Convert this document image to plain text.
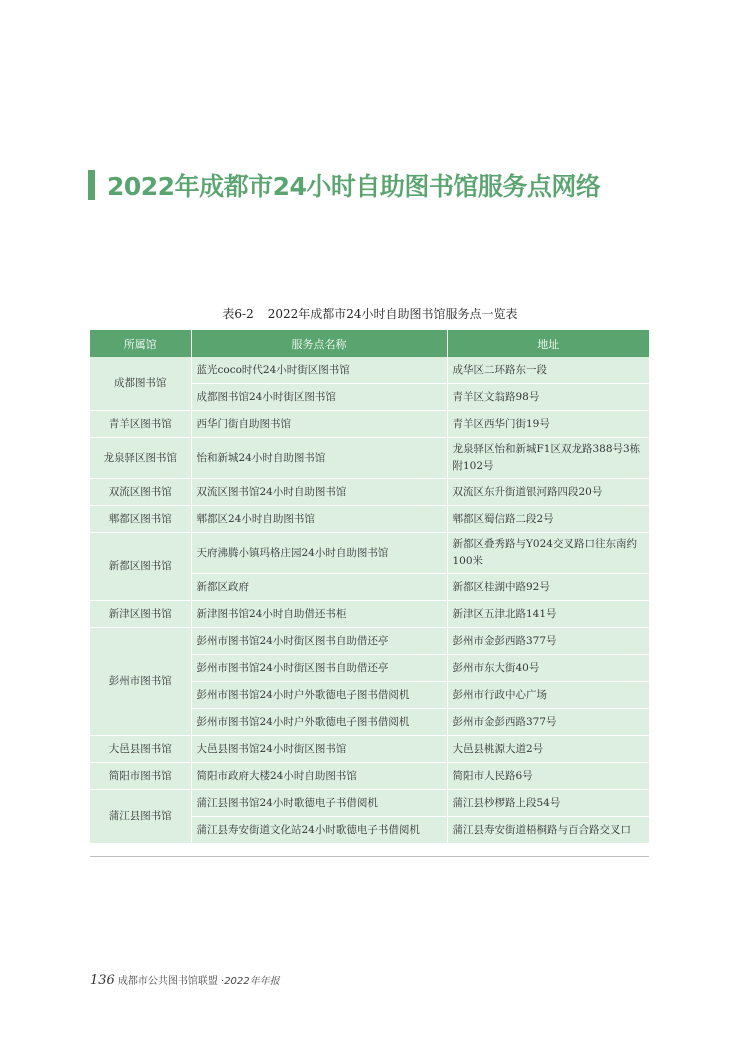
2022年成都市24小时自助图书馆服务点网络
表6-2 2022年成都市24小时自助图书馆服务点一览表
所属馆	服务点名称	地址
成都图书馆	蓝光coco时代24小时街区图书馆	成华区二环路东一段
	成都图书馆24小时街区图书馆	青羊区文翁路98号
青羊区图书馆	西华门街自助图书馆	青羊区西华门街19号
龙泉驿区图书馆	怡和新城24小时自助图书馆	龙泉驿区怡和新城F1区双龙路388号3栋附102号
双流区图书馆	双流区图书馆24小时自助图书馆	双流区东升街道银河路四段20号
郫都区图书馆	郫都区24小时自助图书馆	郫都区蜀信路二段2号
新都区图书馆	天府沸腾小镇玛格庄园24小时自助图书馆	新都区叠秀路与Y024交叉路口往东南约100米
	新都区政府	新都区桂湖中路92号
新津区图书馆	新津图书馆24小时自助借还书柜	新津区五津北路141号
彭州市图书馆	彭州市图书馆24小时街区图书自助借还亭	彭州市金彭西路377号
	彭州市图书馆24小时街区图书自助借还亭	彭州市东大街40号
	彭州市图书馆24小时户外歌德电子图书借阅机	彭州市行政中心广场
	彭州市图书馆24小时户外歌德电子图书借阅机	彭州市金彭西路377号
大邑县图书馆	大邑县图书馆24小时街区图书馆	大邑县桃源大道2号
简阳市图书馆	简阳市政府大楼24小时自助图书馆	简阳市人民路6号
蒲江县图书馆	蒲江县图书馆24小时歌德电子书借阅机	蒲江县杪椤路上段54号
	蒲江县寿安街道文化站24小时歌德电子书借阅机	蒲江县寿安街道梧桐路与百合路交叉口
136 成都市公共图书馆联盟 · 2022年年报
